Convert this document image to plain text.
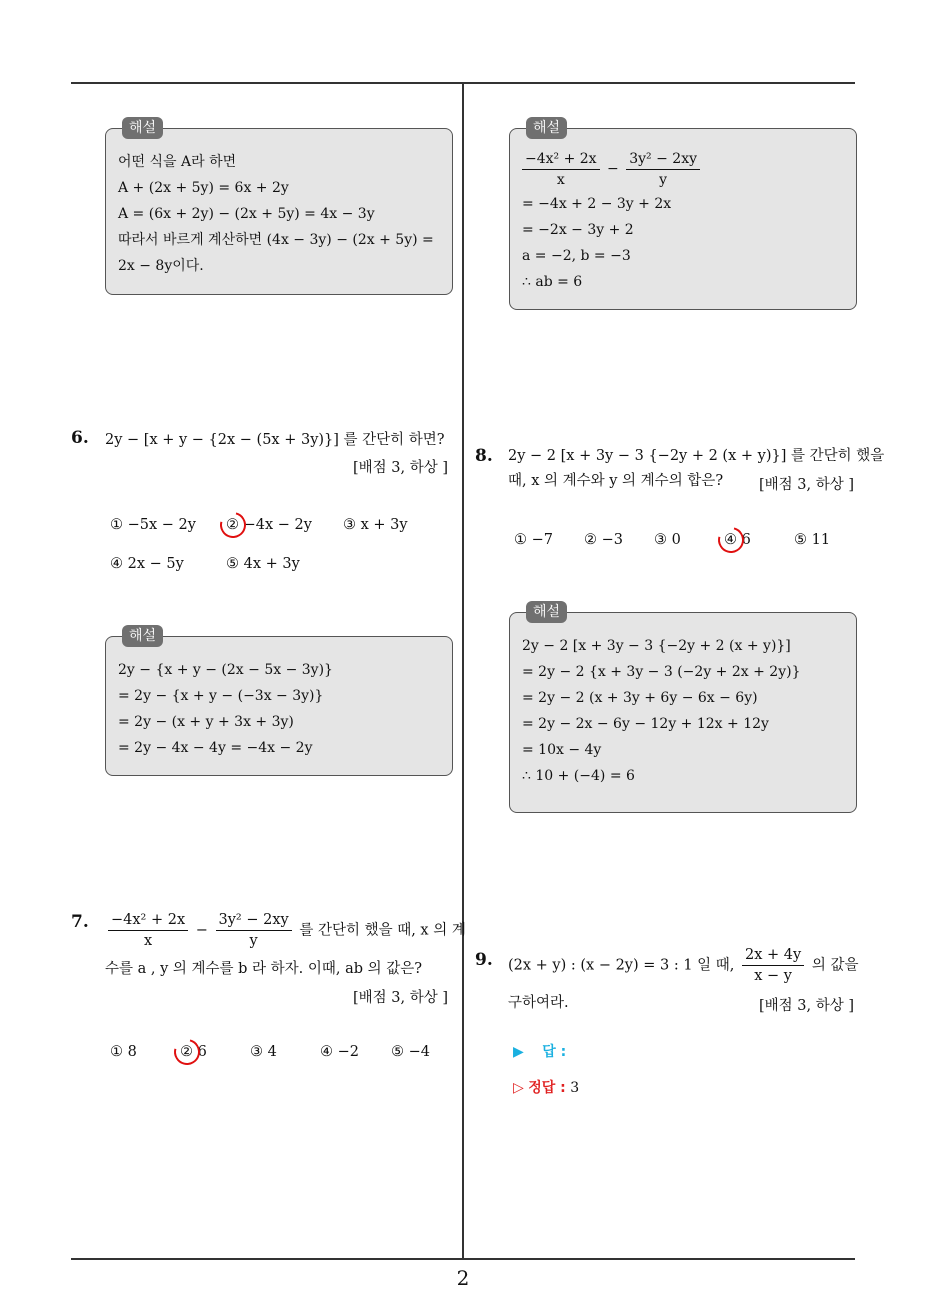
해설
어떤 식을 A라 하면
A + (2x + 5y) = 6x + 2y
A = (6x + 2y) − (2x + 5y) = 4x − 3y
따라서 바르게 계산하면 (4x − 3y) − (2x + 5y) =
2x − 8y이다.
6. 2y − [x + y − {2x − (5x + 3y)}] 를 간단히 하면?
[배점 3, 하상 ]
① −5x − 2y ② −4x − 2y ③ x + 3y
④ 2x − 5y	⑤ 4x + 3y
해설
2y − {x + y − (2x − 5x − 3y)}
= 2y − {x + y − (−3x − 3y)}
= 2y − (x + y + 3x + 3y)
= 2y − 4x − 4y = −4x − 2y
7. $\frac{\text{−4x² + 2x}}{x} - \frac{\text{3y² − 2xy}}{y}$ 를 간단히 했을 때, x 의 계
수를 a , y 의 계수를 b 라 하자. 이때, ab 의 값은?
[배점 3, 하상 ]
① 8	② 6	③ 4	④ −2 ⑤ −4
해설
$\frac{\text{−4x² + 2x}}{x} - \frac{\text{3y² − 2xy}}{y}$
= −4x + 2 − 3y + 2x
= −2x − 3y + 2
a = −2, b = −3
∴ ab = 6
8. 2y − 2 [x + 3y − 3 {−2y + 2 (x + y)}] 를 간단히 했을
때, x 의 계수와 y 의 계수의 합은? [배점 3, 하상 ]
① −7 ② −3 ③ 0	④ 6	⑤ 11
해설
2y − 2 [x + 3y − 3 {−2y + 2 (x + y)}]
= 2y − 2 {x + 3y − 3 (−2y + 2x + 2y)}
= 2y − 2 (x + 3y + 6y − 6x − 6y)
= 2y − 2x − 6y − 12y + 12x + 12y
= 10x − 4y
∴ 10 + (−4) = 6
9. (2x + y) : (x − 2y) = 3 : 1 일 때, $\frac{2x + 4y}{x - y}$ 의 값을
구하여라.	[배점 3, 하상 ]
▶ 답 :
▷ 정답 : 3
2
